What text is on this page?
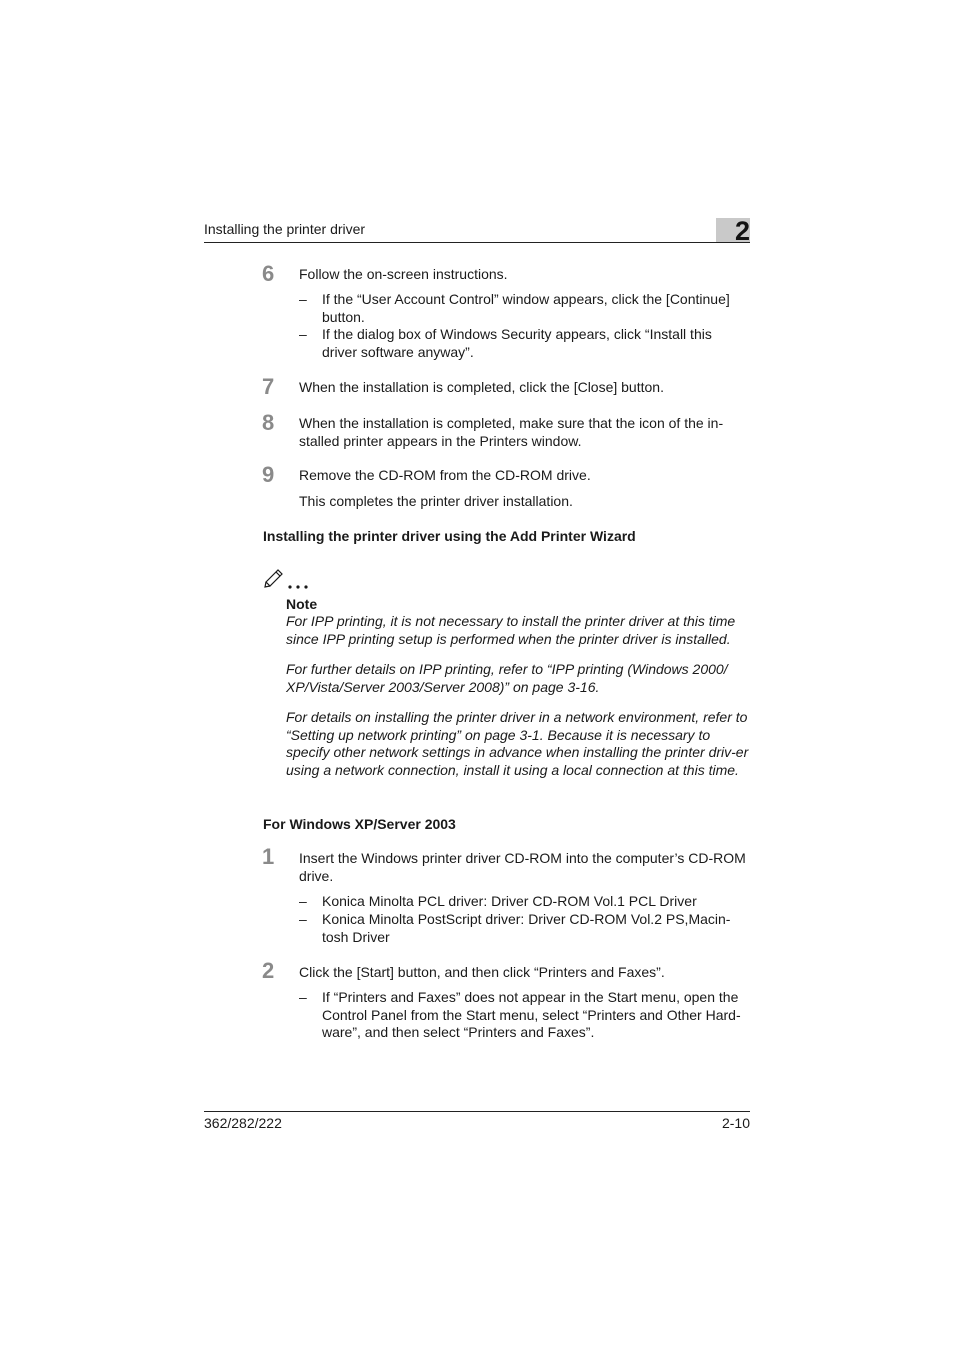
Installing the printer driver	2
6 Follow the on-screen instructions.
– If the “User Account Control” window appears, click the [Continue] button.
– If the dialog box of Windows Security appears, click “Install this driver software anyway”.
7 When the installation is completed, click the [Close] button.
8 When the installation is completed, make sure that the icon of the in-stalled printer appears in the Printers window.
9 Remove the CD-ROM from the CD-ROM drive.
This completes the printer driver installation.
Installing the printer driver using the Add Printer Wizard
Note
For IPP printing, it is not necessary to install the printer driver at this time since IPP printing setup is performed when the printer driver is installed.
For further details on IPP printing, refer to “IPP printing (Windows 2000/ XP/Vista/Server 2003/Server 2008)” on page 3-16.
For details on installing the printer driver in a network environment, refer to “Setting up network printing” on page 3-1. Because it is necessary to specify other network settings in advance when installing the printer driv-er using a network connection, install it using a local connection at this time.
For Windows XP/Server 2003
1 Insert the Windows printer driver CD-ROM into the computer’s CD-ROM drive.
– Konica Minolta PCL driver: Driver CD-ROM Vol.1 PCL Driver
– Konica Minolta PostScript driver: Driver CD-ROM Vol.2 PS,Macin-tosh Driver
2 Click the [Start] button, and then click “Printers and Faxes”.
– If “Printers and Faxes” does not appear in the Start menu, open the Control Panel from the Start menu, select “Printers and Other Hard-ware”, and then select “Printers and Faxes”.
362/282/222	2-10
